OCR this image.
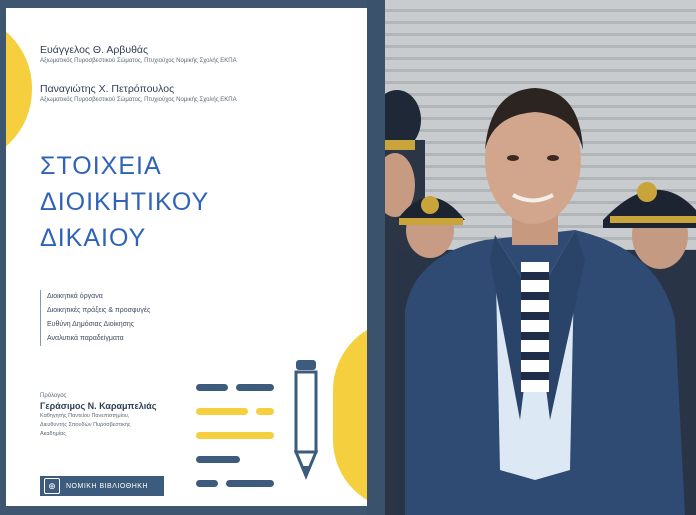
Ευάγγελος Θ. Αρβυθάς
Αξιωματικός Πυροσβεστικού Σώματος, Πτυχιούχος Νομικής Σχολής ΕΚΠΑ
Παναγιώτης Χ. Πετρόπουλος
Αξιωματικός Πυροσβεστικού Σώματος, Πτυχιούχος Νομικής Σχολής ΕΚΠΑ
ΣΤΟΙΧΕΙΑ
ΔΙΟΙΚΗΤΙΚΟΥ
ΔΙΚΑΙΟΥ
Διοικητικά όργανα
Διοικητικές πράξεις & προσφυγές
Ευθύνη Δημόσιας Διοίκησης
Αναλυτικά παραδείγματα
Πρόλογος
Γεράσιμος Ν. Καραμπελιάς
Καθηγητής Παντείου Πανεπιστημίου,
Διευθυντής Σπουδών Πυροσβεστικής
Ακαδημίας
⊕	ΝΟΜΙΚΗ ΒΙΒΛΙΟΘΗΚΗ
